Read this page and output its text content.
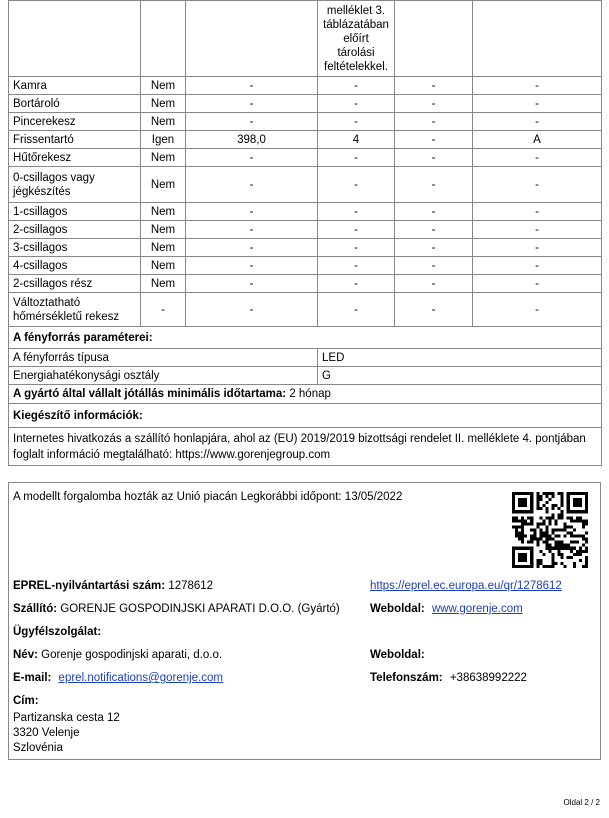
			melléklet 3.
táblázatában
előírt
tárolási
feltételekkel.		

Kamra	Nem	-	-	-	-
Bortároló	Nem	-	-	-	-
Pincerekesz	Nem	-	-	-	-
Frissentartó	Igen	398,0	4	-	A
Hűtőrekesz	Nem	-	-	-	-
0-csillagos vagy jégkészítés	Nem	-	-	-	-
1-csillagos	Nem	-	-	-	-
2-csillagos	Nem	-	-	-	-
3-csillagos	Nem	-	-	-	-
4-csillagos	Nem	-	-	-	-
2-csillagos rész	Nem	-	-	-	-
Változtatható hőmérsékletű rekesz	-	-	-	-	-
A fényforrás paraméterei:					
A fényforrás típusa			LED		
Energiahatékonysági osztály			G		
A gyártó által vállalt jótállás minimális időtartama: 2 hónap					
Kiegészítő információk:					

Internetes hivatkozás a szállító honlapjára, ahol az (EU) 2019/2019 bizottsági rendelet II. melléklete 4. pontjában
foglalt információ megtalálható: https://www.gorenjegroup.com					
A modellt forgalomba hozták az Unió piacán Legkorábbi időpont: 13/05/2022
EPREL-nyilvántartási szám: 1278612	https://eprel.ec.europa.eu/qr/1278612
Szállító: GORENJE GOSPODINJSKI APARATI D.O.O. (Gyártó)	Weboldal: www.gorenje.com
Ügyfélszolgálat:
Név: Gorenje gospodinjski aparati, d.o.o.	Weboldal:
E-mail: eprel.notifications@gorenje.com	Telefonszám: +38638992222
Cím:
Partizanska cesta 12
3320 Velenje
Szlovénia
Oldal 2 / 2
